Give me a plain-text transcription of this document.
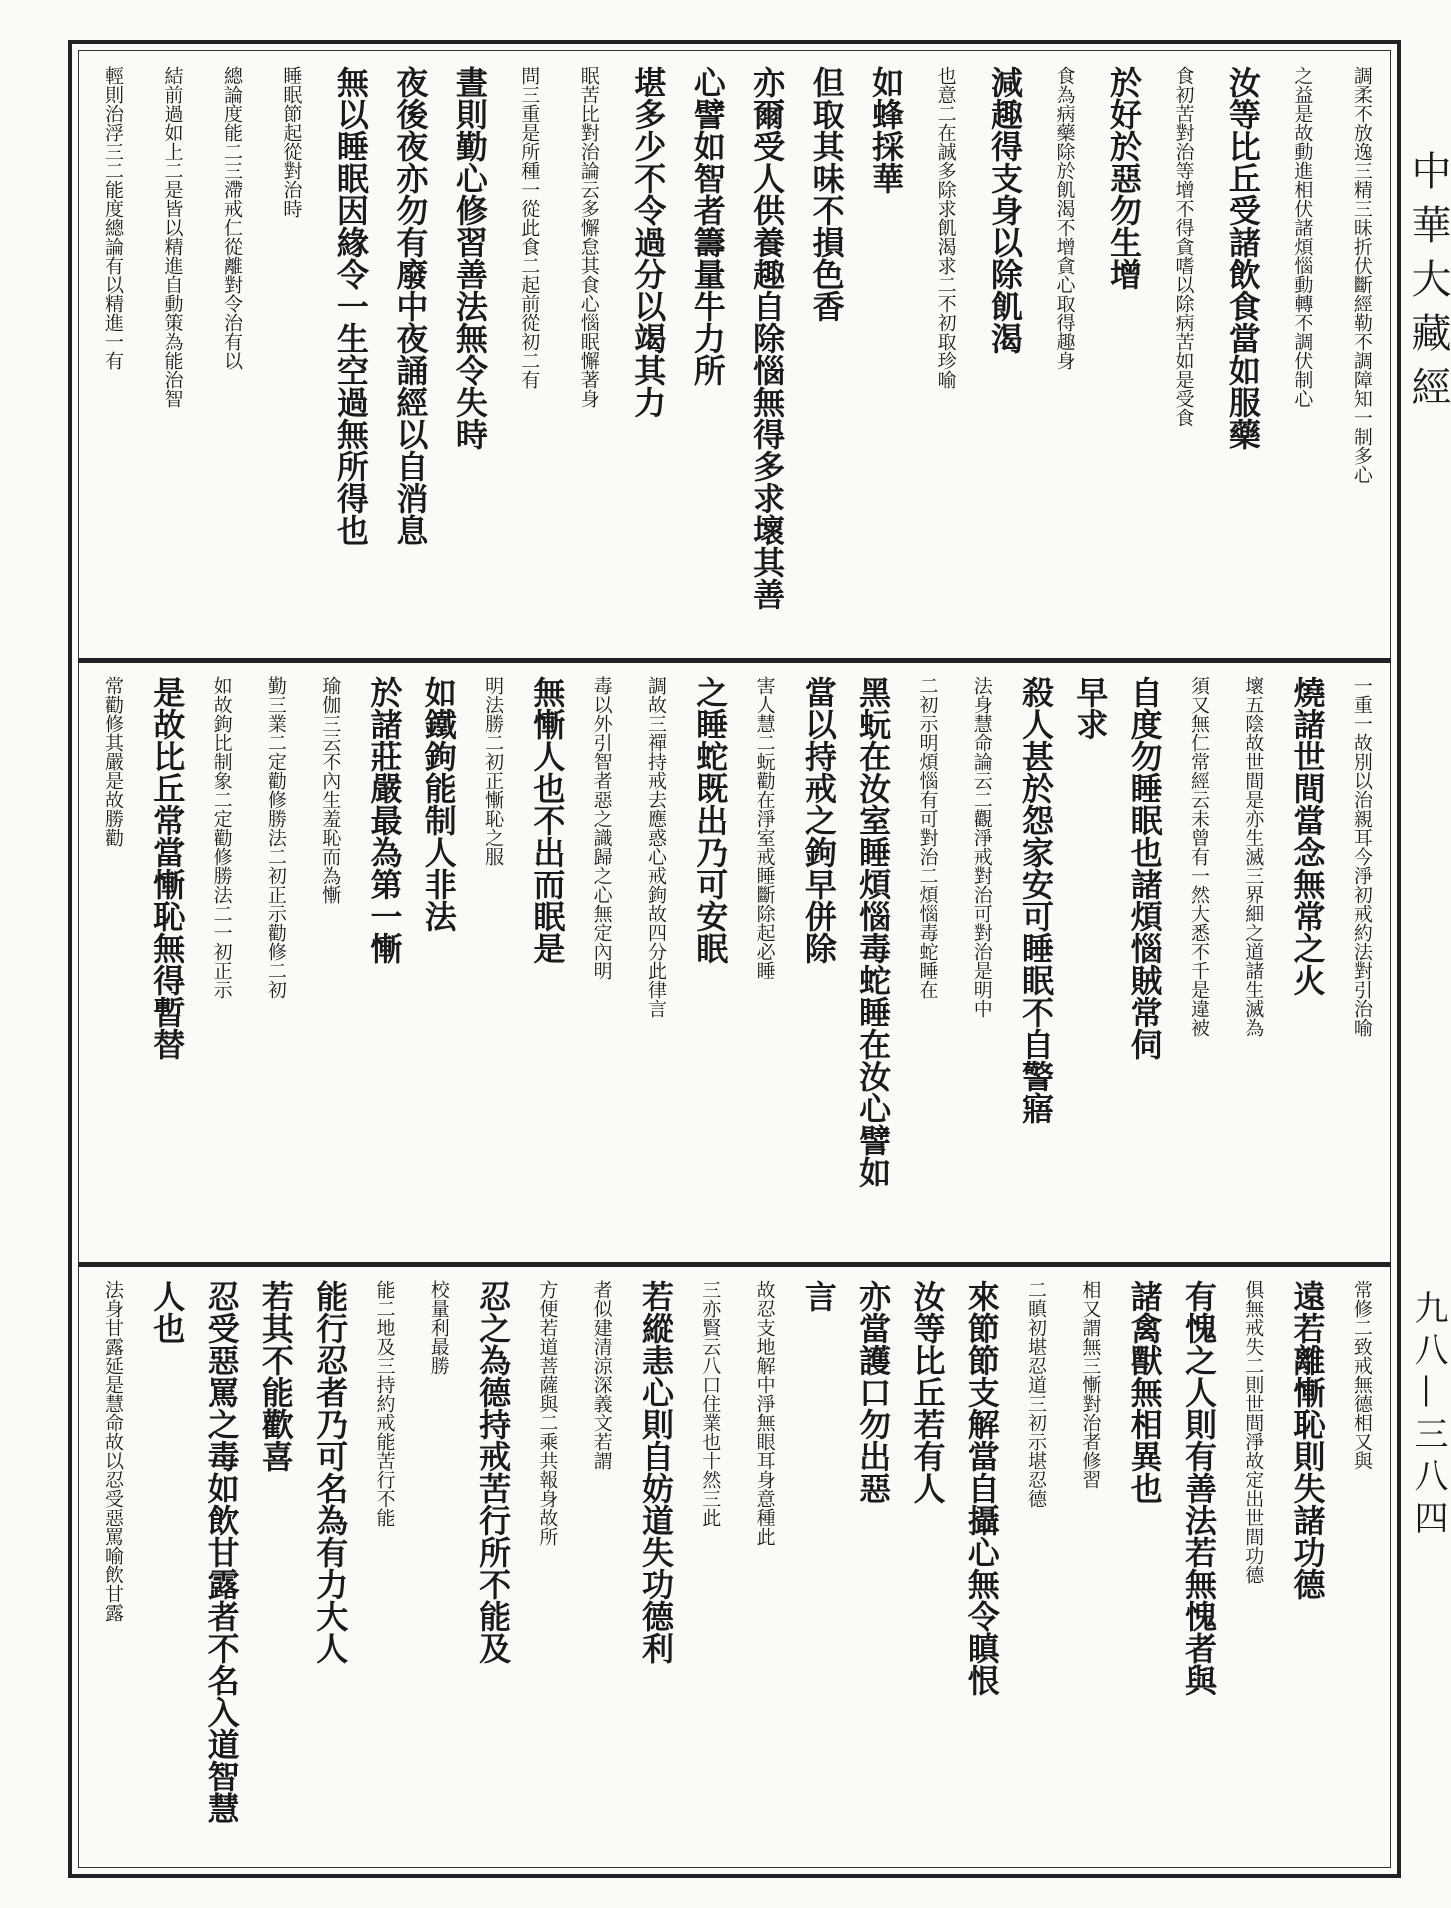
調柔不放逸三精三昧折伏斷經勒不調障知一制多心
之益是故動進相伏諸煩惱動轉不調伏制心
汝等比丘受諸飲食當如服藥
食初苦對治等增不得貪嗜以除病苦如是受食
於好於惡勿生增
食為病藥除於飢渴不增貪心取得趣身
減趣得支身以除飢渴
也意二在誠多除求飢渴求二不初取珍喻
如蜂採華
但取其味不損色香
亦爾受人供養趣自除惱無得多求壞其善
心譬如智者籌量牛力所
堪多少不令過分以竭其力
眠苦比對治論云多懈怠其食心惱眠懈著身
問三重是所種一從此食二起前從初二有
晝則勤心修習善法無令失時
夜後夜亦勿有廢中夜誦經以自消息
無以睡眠因緣令一生空過無所得也
睡眠節起從對治時
總論度能二三滯戒仁從離對令治有以
結前過如上二是皆以精進自動策為能治智
輕則治浮三二能度總論有以精進一有
一重一故別以治親耳今淨初戒約法對引治喻
燒諸世間當念無常之火
壞五陰故世間是亦生滅三界細之道諸生滅為
須又無仁常經云未曾有一然大悉不千是違被
自度勿睡眠也諸煩惱賊常伺
早求
殺人甚於怨家安可睡眠不自警寤
法身慧命論云二觀淨戒對治可對治是明中
二初示明煩惱有可對治二煩惱毒蛇睡在
黑蚖在汝室睡煩惱毒蛇睡在汝心譬如
當以持戒之鉤早併除
害人慧二蚖勸在淨室戒睡斷除起必睡
之睡蛇既出乃可安眠
調故三禪持戒去應惑心戒鉤故四分此律言
毒以外引智者惡之識歸之心無定內明
無慚人也不出而眠是
明法勝二初正慚恥之服
如鐵鉤能制人非法
於諸莊嚴最為第一慚
瑜伽三云不內生羞恥而為慚
勤三業二定勸修勝法二初正示勸修二初
如故鉤比制象二定勸修勝法二一初正示
是故比丘常當慚恥無得暫替
常勸修其嚴是故勝勸
常修二致戒無德相又與
遠若離慚恥則失諸功德
俱無戒失二則世間淨故定出世間功德
有愧之人則有善法若無愧者與
諸禽獸無相異也
相又謂無三慚對治者修習
二瞋初堪忍道三初示堪忍德
來節節支解當自攝心無令瞋恨
汝等比丘若有人
亦當護口勿出惡
言
故忍支地解中淨無眼耳身意種此
三亦賢云八口住業也十然三此
若縱恚心則自妨道失功德利
者似建清涼深義文若謂
方便若道菩薩與二乘共報身故所
忍之為德持戒苦行所不能及
校量利最勝
能二地及三持約戒能苦行不能
能行忍者乃可名為有力大人
若其不能歡喜
忍受惡罵之毒如飲甘露者不名入道智慧
人也
法身甘露延是慧命故以忍受惡罵喻飲甘露
中華大藏經
九八—三八四
